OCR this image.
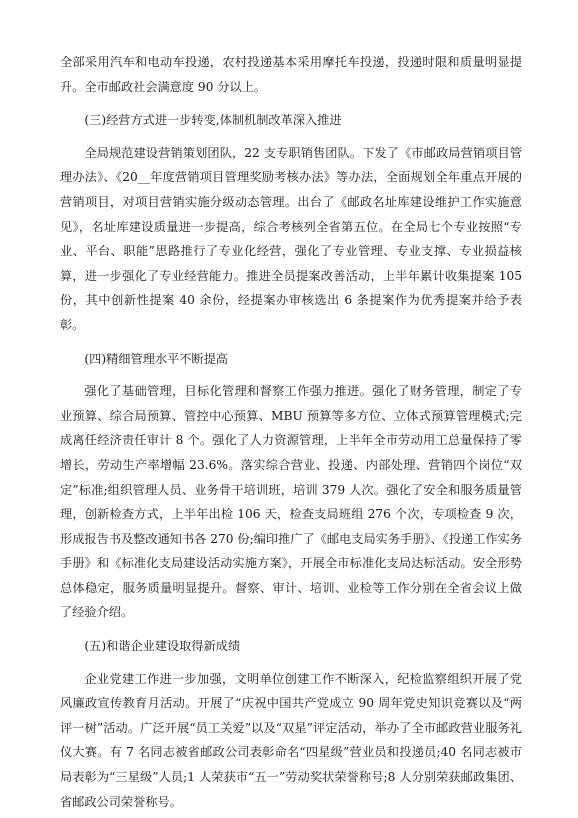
全部采用汽车和电动车投递，农村投递基本采用摩托车投递，投递时限和质量明显提升。全市邮政社会满意度 90 分以上。

(三)经营方式进一步转变,体制机制改革深入推进

全局规范建设营销策划团队，22 支专职销售团队。下发了《市邮政局营销项目管理办法》、《20__年度营销项目管理奖励考核办法》等办法，全面规划全年重点开展的营销项目，对项目营销实施分级动态管理。出台了《邮政名址库建设维护工作实施意见》，名址库建设质量进一步提高，综合考核列全省第五位。在全局七个专业按照“专业、平台、职能”思路推行了专业化经营，强化了专业管理、专业支撑、专业损益核算，进一步强化了专业经营能力。推进全员提案改善活动，上半年累计收集提案 105 份，其中创新性提案 40 余份，经提案办审核选出 6 条提案作为优秀提案并给予表彰。

(四)精细管理水平不断提高

强化了基础管理，目标化管理和督察工作强力推进。强化了财务管理，制定了专业预算、综合局预算、管控中心预算、MBU 预算等多方位、立体式预算管理模式;完成离任经济责任审计 8 个。强化了人力资源管理，上半年全市劳动用工总量保持了零增长，劳动生产率增幅 23.6%。落实综合营业、投递、内部处理、营销四个岗位“双定”标准;组织管理人员、业务骨干培训班，培训 379 人次。强化了安全和服务质量管理，创新检查方式，上半年出检 106 天，检查支局班组 276 个次，专项检查 9 次，形成报告书及整改通知书各 270 份;编印推广了《邮电支局实务手册》、《投递工作实务手册》和《标准化支局建设活动实施方案》，开展全市标准化支局达标活动。安全形势总体稳定，服务质量明显提升。督察、审计、培训、业检等工作分别在全省会议上做了经验介绍。

(五)和谐企业建设取得新成绩

企业党建工作进一步加强，文明单位创建工作不断深入，纪检监察组织开展了党风廉政宣传教育月活动。开展了“庆祝中国共产党成立 90 周年党史知识竞赛以及“两评一树”活动。广泛开展“员工关爱”以及“双星”评定活动，举办了全市邮政营业服务礼仪大赛。有 7 名同志被省邮政公司表彰命名“四星级”营业员和投递员;40 名同志被市局表彰为“三星级”人员;1 人荣获市“五一”劳动奖状荣誉称号;8 人分别荣获邮政集团、省邮政公司荣誉称号。
